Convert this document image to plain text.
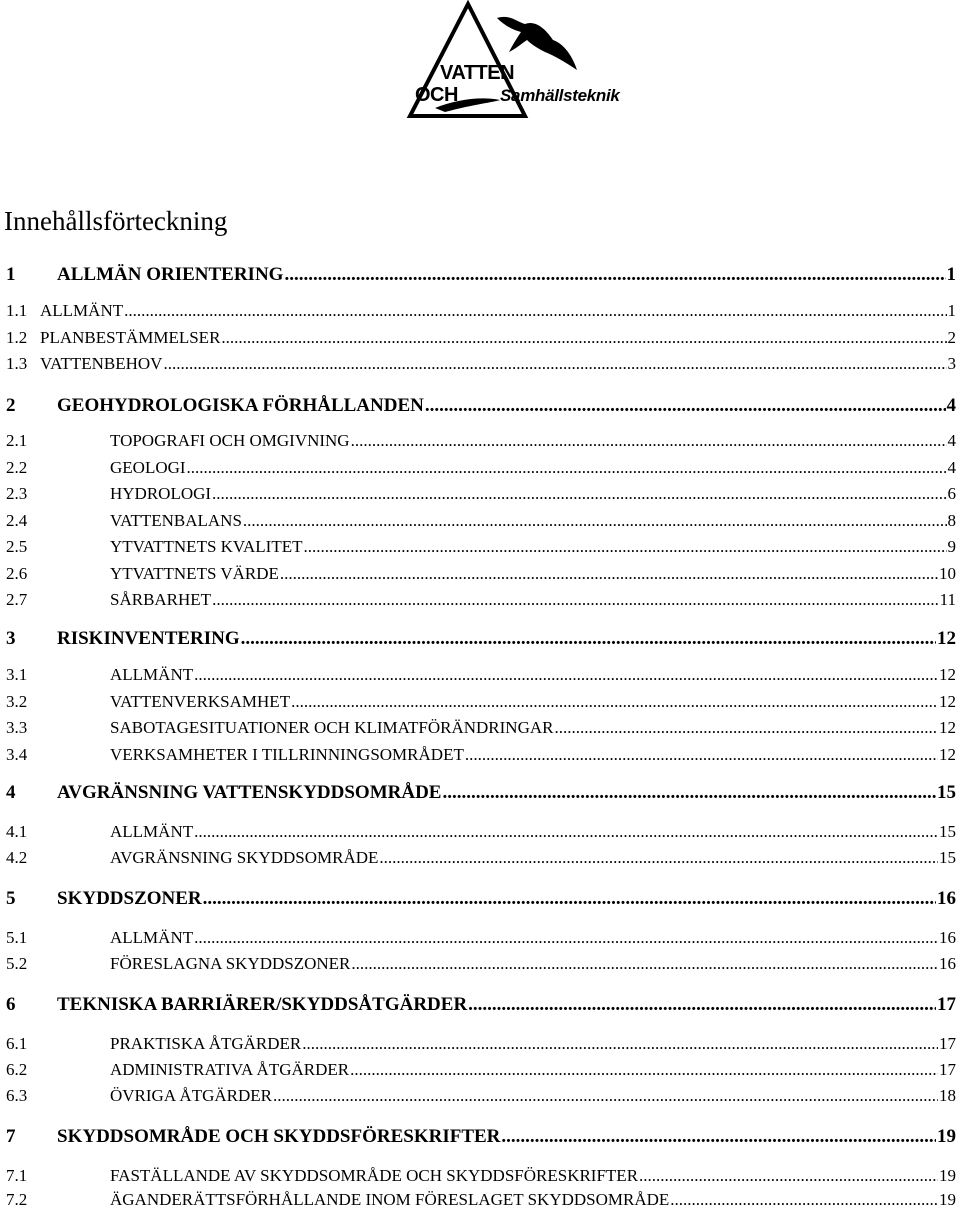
VATTEN
OCH Samhällsteknik
Innehållsförteckning
1	ALLMÄN ORIENTERING .....	1
1.1 ALLMÄNT .....	1
1.2 PLANBESTÄMMELSER .....	2
1.3 VATTENBEHOV .....	3
2	GEOHYDROLOGISKA FÖRHÅLLANDEN .....	4
2.1	TOPOGRAFI OCH OMGIVNING .....	4
2.2	GEOLOGI .....	4
2.3	HYDROLOGI .....	6
2.4	VATTENBALANS .....	8
2.5	YTVATTNETS KVALITET .....	9
2.6	YTVATTNETS VÄRDE .....	10
2.7	SÅRBARHET .....	11
3	RISKINVENTERING .....	12
3.1	ALLMÄNT .....	12
3.2	VATTENVERKSAMHET .....	12
3.3	SABOTAGESITUATIONER OCH KLIMATFÖRÄNDRINGAR .....	12
3.4	VERKSAMHETER I TILLRINNINGSOMRÅDET .....	12
4	AVGRÄNSNING VATTENSKYDDSOMRÅDE .....	15
4.1	ALLMÄNT .....	15
4.2	AVGRÄNSNING SKYDDSOMRÅDE .....	15
5	SKYDDSZONER .....	16
5.1	ALLMÄNT .....	16
5.2	FÖRESLAGNA SKYDDSZONER .....	16
6	TEKNISKA BARRIÄRER/SKYDDSÅTGÄRDER .....	17
6.1	PRAKTISKA ÅTGÄRDER .....	17
6.2	ADMINISTRATIVA ÅTGÄRDER .....	17
6.3	ÖVRIGA ÅTGÄRDER .....	18
7	SKYDDSOMRÅDE OCH SKYDDSFÖRESKRIFTER .....	19
7.1	FASTÄLLANDE AV SKYDDSOMRÅDE OCH SKYDDSFÖRESKRIFTER .....	19
7.2	ÄGANDERÄTTSFÖRHÅLLANDE INOM FÖRESLAGET SKYDDSOMRÅDE .....	19
